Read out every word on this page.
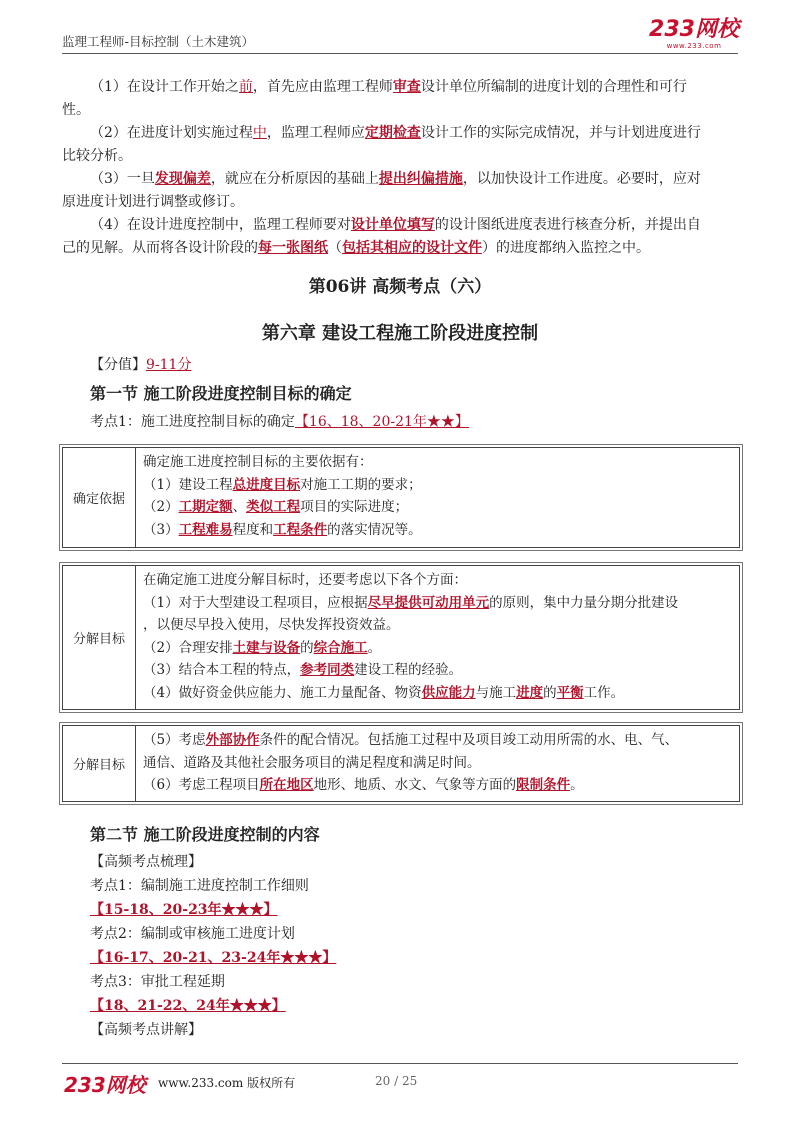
监理工程师-目标控制（土木建筑）	233网校
www.233.com

（1）在设计工作开始之前，首先应由监理工程师审查设计单位所编制的进度计划的合理性和可行

性。

（2）在进度计划实施过程中，监理工程师应定期检查设计工作的实际完成情况，并与计划进度进行

比较分析。

（3）一旦发现偏差，就应在分析原因的基础上提出纠偏措施，以加快设计工作进度。必要时，应对

原进度计划进行调整或修订。

（4）在设计进度控制中，监理工程师要对设计单位填写的设计图纸进度表进行核查分析，并提出自

己的见解。从而将各设计阶段的每一张图纸（包括其相应的设计文件）的进度都纳入监控之中。

第06讲 高频考点（六）
第六章 建设工程施工阶段进度控制
【分值】9-11分
第一节 施工阶段进度控制目标的确定
考点1：施工进度控制目标的确定【16、18、20-21年★★】
确定依据
确定施工进度控制目标的主要依据有：
（1）建设工程总进度目标对施工工期的要求；
（2）工期定额、类似工程项目的实际进度；
（3）工程难易程度和工程条件的落实情况等。
分解目标
在确定施工进度分解目标时，还要考虑以下各个方面：
（1）对于大型建设工程项目，应根据尽早提供可动用单元的原则，集中力量分期分批建设
，以便尽早投入使用，尽快发挥投资效益。
（2）合理安排土建与设备的综合施工。
（3）结合本工程的特点，参考同类建设工程的经验。
（4）做好资金供应能力、施工力量配备、物资供应能力与施工进度的平衡工作。
分解目标
（5）考虑外部协作条件的配合情况。包括施工过程中及项目竣工动用所需的水、电、气、
通信、道路及其他社会服务项目的满足程度和满足时间。
（6）考虑工程项目所在地区地形、地质、水文、气象等方面的限制条件。
第二节 施工阶段进度控制的内容
【高频考点梳理】
考点1：编制施工进度控制工作细则
【15-18、20-23年★★★】
考点2：编制或审核施工进度计划
【16-17、20-21、23-24年★★★】
考点3：审批工程延期
【18、21-22、24年★★★】
【高频考点讲解】
233网校 www.233.com 版权所有	20 / 25
